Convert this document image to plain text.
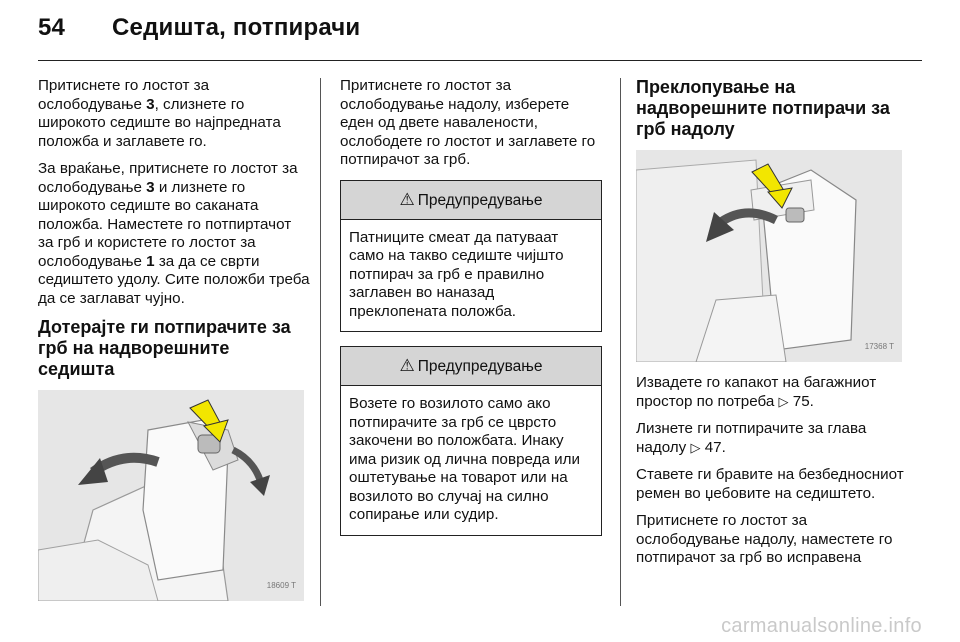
54 Седишта, потпирачи

Притиснете го лостот за ослободување 3, слизнете го широкото седиште во најпредната положба и заглавете го.

За враќање, притиснете го лостот за ослободување 3 и лизнете го широкото седиште во саканата положба. Наместете го потпиртачот за грб и користете го лостот за ослободување 1 за да се сврти седиштето удолу. Сите положби треба да се заглават чујно.

Дотерајте ги потпирачите за грб на надворешните седишта
18609 T

Притиснете го лостот за ослободување надолу, изберете еден од двете навалености, ослободете го лостот и заглавете го потпирачот за грб.

⚠ Предупредување
Патниците смеат да патуваат само на такво седиште чијшто потпирач за грб е правилно заглавен во наназад преклопената положба.
⚠ Предупредување
Возете го возилото само ако потпирачите за грб се цврсто закочени во положбата. Инаку има ризик од лична повреда или оштетување на товарот или на возилото во случај на силно сопирање или судир.
Преклопување на надворешните потпирачи за грб надолу
17368 T

Извадете го капакот на багажниот простор по потреба ▷ 75.

Лизнете ги потпирачите за глава надолу ▷ 47.

Ставете ги бравите на безбедносниот ремен во џебовите на седиштето.

Притиснете го лостот за ослободување надолу, наместете го потпирачот за грб во исправена

carmanualsonline.info
